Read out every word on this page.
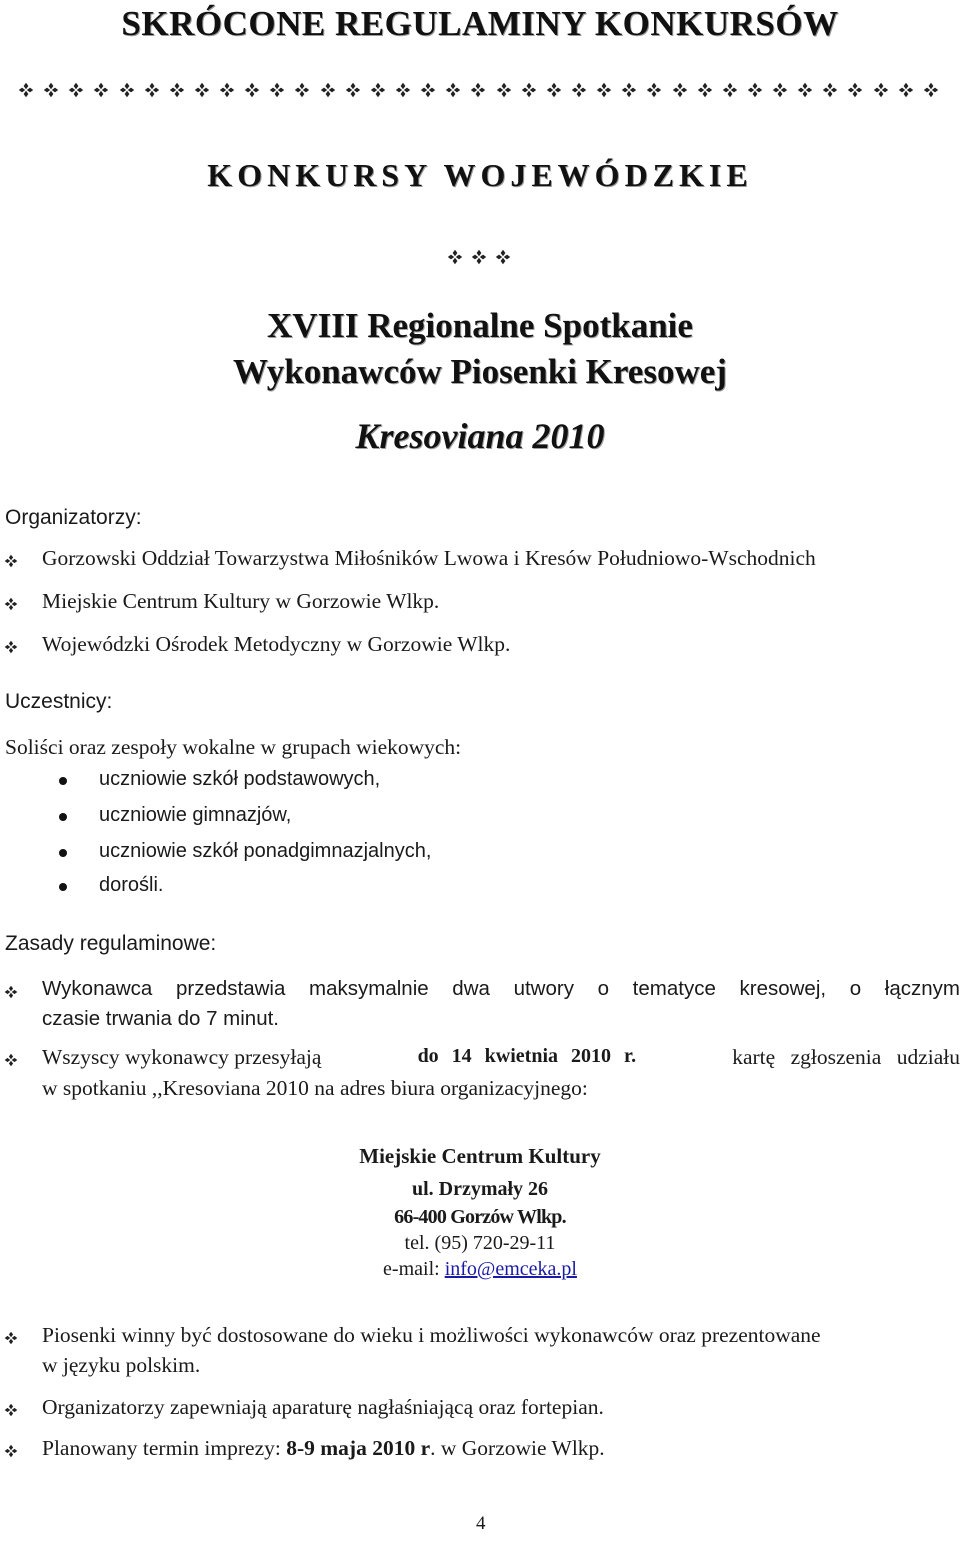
SKRÓCONE REGULAMINY KONKURSÓW
KONKURSY WOJEWÓDZKIE
XVIII Regionalne Spotkanie
Wykonawców Piosenki Kresowej
Kresoviana 2010
Organizatorzy:
Gorzowski Oddział Towarzystwa Miłośników Lwowa i Kresów Południowo-Wschodnich
Miejskie Centrum Kultury w Gorzowie Wlkp.
Wojewódzki Ośrodek Metodyczny w Gorzowie Wlkp.
Uczestnicy:
Soliści oraz zespoły wokalne w grupach wiekowych:
uczniowie szkół podstawowych,
uczniowie gimnazjów,
uczniowie szkół ponadgimnazjalnych,
dorośli.
Zasady regulaminowe:
Wykonawca przedstawia maksymalnie dwa utwory o tematyce kresowej, o łącznym
czasie trwania do 7 minut.
Wszyscy wykonawcy przesyłają	do 14 kwietnia 2010 r.	kartę zgłoszenia udziału
w spotkaniu ,,Kresoviana 2010 na adres biura organizacyjnego:
Miejskie Centrum Kultury
ul. Drzymały 26
66-400 Gorzów Wlkp.
tel. (95) 720-29-11
e-mail: info@emceka.pl
Piosenki winny być dostosowane do wieku i możliwości wykonawców oraz prezentowane
w języku polskim.
Organizatorzy zapewniają aparaturę nagłaśniającą oraz fortepian.
Planowany termin imprezy: 8-9 maja 2010 r. w Gorzowie Wlkp.
4
